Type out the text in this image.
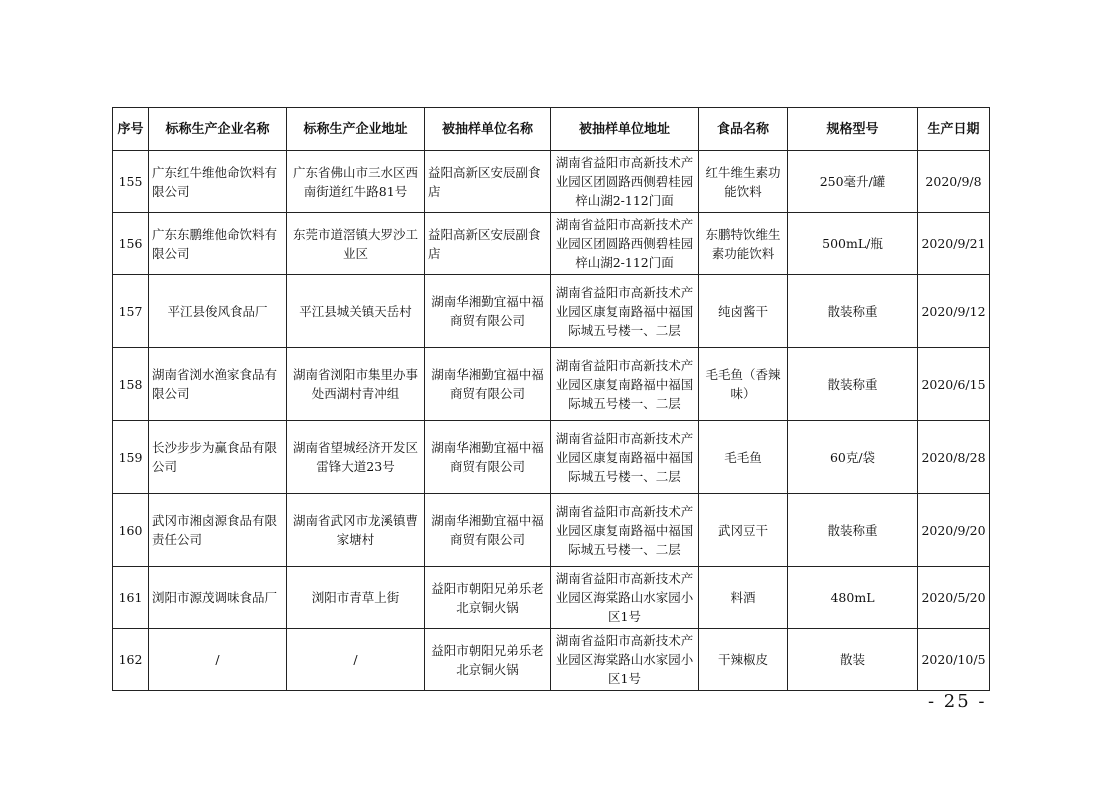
序号	标称生产企业名称	标称生产企业地址	被抽样单位名称	被抽样单位地址	食品名称	规格型号	生产日期
155	广东红牛维他命饮料有限公司	广东省佛山市三水区西南街道红牛路81号	益阳高新区安辰副食店	湖南省益阳市高新技术产业园区团圆路西侧碧桂园梓山湖2-112门面	红牛维生素功能饮料	250毫升/罐	2020/9/8
156	广东东鹏维他命饮料有限公司	东莞市道滘镇大罗沙工业区	益阳高新区安辰副食店	湖南省益阳市高新技术产业园区团圆路西侧碧桂园梓山湖2-112门面	东鹏特饮维生素功能饮料	500mL/瓶	2020/9/21
157	平江县俊风食品厂	平江县城关镇天岳村	湖南华湘勤宜福中福商贸有限公司	湖南省益阳市高新技术产业园区康复南路福中福国际城五号楼一、二层	纯卤酱干	散装称重	2020/9/12
158	湖南省浏水渔家食品有限公司	湖南省浏阳市集里办事处西湖村青冲组	湖南华湘勤宜福中福商贸有限公司	湖南省益阳市高新技术产业园区康复南路福中福国际城五号楼一、二层	毛毛鱼（香辣味）	散装称重	2020/6/15
159	长沙步步为赢食品有限公司	湖南省望城经济开发区雷锋大道23号	湖南华湘勤宜福中福商贸有限公司	湖南省益阳市高新技术产业园区康复南路福中福国际城五号楼一、二层	毛毛鱼	60克/袋	2020/8/28
160	武冈市湘卤源食品有限责任公司	湖南省武冈市龙溪镇曹家塘村	湖南华湘勤宜福中福商贸有限公司	湖南省益阳市高新技术产业园区康复南路福中福国际城五号楼一、二层	武冈豆干	散装称重	2020/9/20
161	浏阳市源茂调味食品厂	浏阳市青草上街	益阳市朝阳兄弟乐老北京铜火锅	湖南省益阳市高新技术产业园区海棠路山水家园小区1号	料酒	480mL	2020/5/20
162	/	/	益阳市朝阳兄弟乐老北京铜火锅	湖南省益阳市高新技术产业园区海棠路山水家园小区1号	干辣椒皮	散装	2020/10/5
- 25 -
